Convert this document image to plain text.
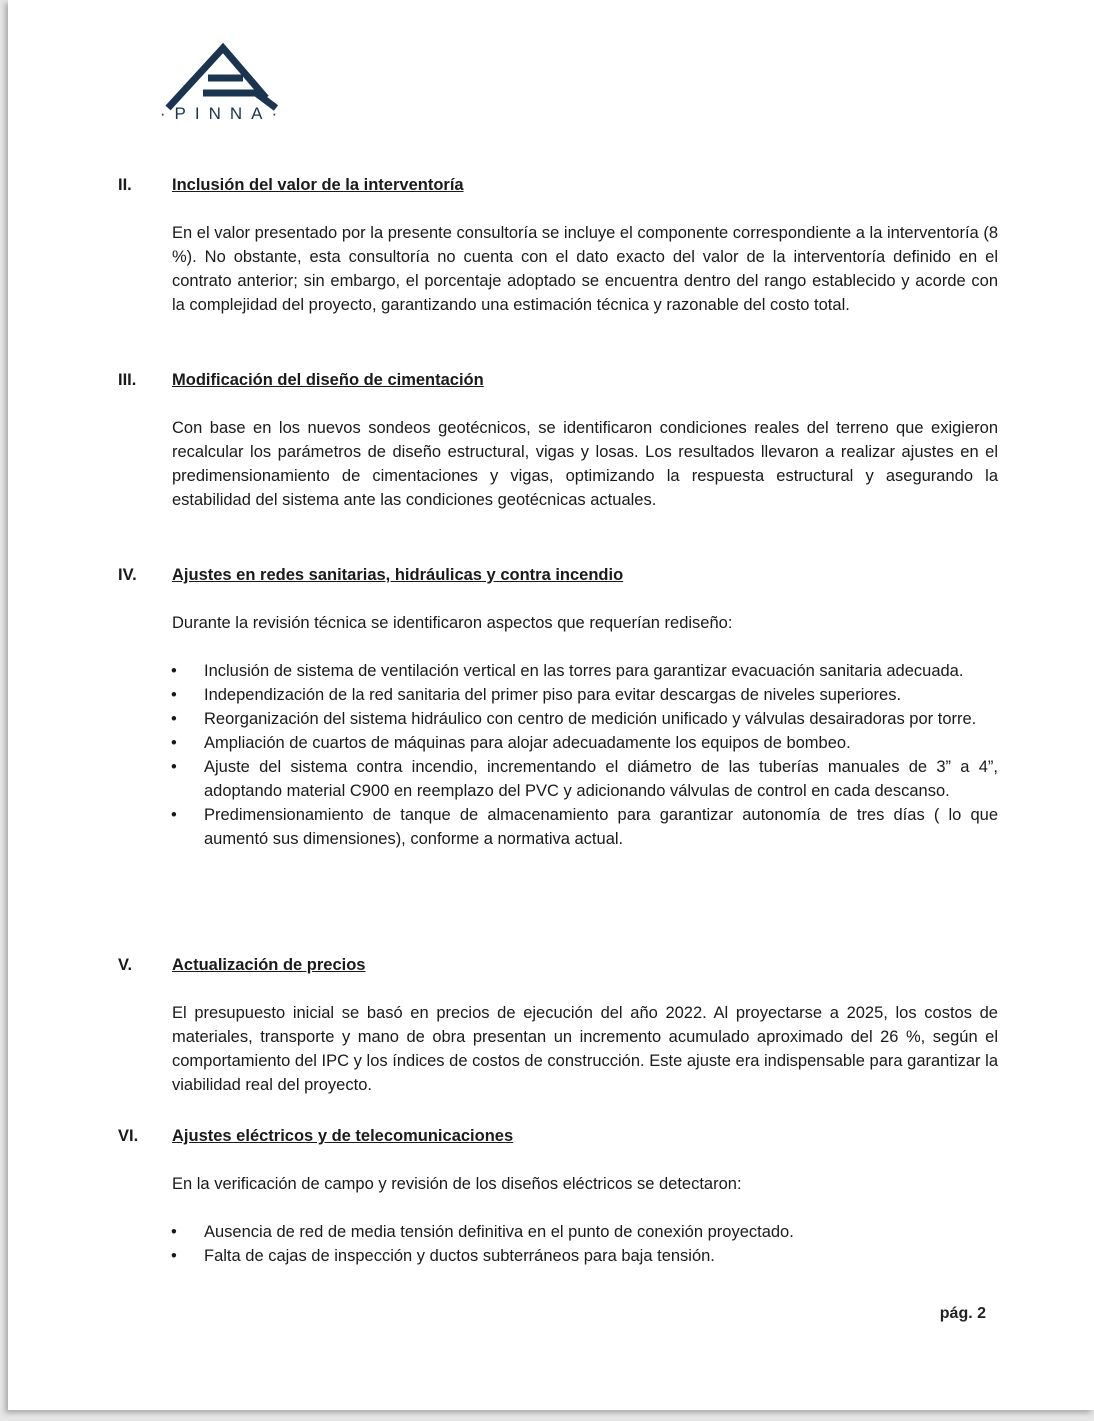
·PINNA·
II.	Inclusión del valor de la interventoría
En el valor presentado por la presente consultoría se incluye el componente correspondiente a la interventoría (8 %). No obstante, esta consultoría no cuenta con el dato exacto del valor de la interventoría definido en el contrato anterior; sin embargo, el porcentaje adoptado se encuentra dentro del rango establecido y acorde con la complejidad del proyecto, garantizando una estimación técnica y razonable del costo total.
III.	Modificación del diseño de cimentación
Con base en los nuevos sondeos geotécnicos, se identificaron condiciones reales del terreno que exigieron recalcular los parámetros de diseño estructural, vigas y losas. Los resultados llevaron a realizar ajustes en el predimensionamiento de cimentaciones y vigas, optimizando la respuesta estructural y asegurando la estabilidad del sistema ante las condiciones geotécnicas actuales.
IV.	Ajustes en redes sanitarias, hidráulicas y contra incendio
Durante la revisión técnica se identificaron aspectos que requerían rediseño:
• Inclusión de sistema de ventilación vertical en las torres para garantizar evacuación sanitaria adecuada.
• Independización de la red sanitaria del primer piso para evitar descargas de niveles superiores.
• Reorganización del sistema hidráulico con centro de medición unificado y válvulas desairadoras por torre.
• Ampliación de cuartos de máquinas para alojar adecuadamente los equipos de bombeo.
• Ajuste del sistema contra incendio, incrementando el diámetro de las tuberías manuales de 3” a 4”, adoptando material C900 en reemplazo del PVC y adicionando válvulas de control en cada descanso.
• Predimensionamiento de tanque de almacenamiento para garantizar autonomía de tres días ( lo que aumentó sus dimensiones), conforme a normativa actual.
V.	Actualización de precios
El presupuesto inicial se basó en precios de ejecución del año 2022. Al proyectarse a 2025, los costos de materiales, transporte y mano de obra presentan un incremento acumulado aproximado del 26 %, según el comportamiento del IPC y los índices de costos de construcción. Este ajuste era indispensable para garantizar la viabilidad real del proyecto.
VI.	Ajustes eléctricos y de telecomunicaciones
En la verificación de campo y revisión de los diseños eléctricos se detectaron:
• Ausencia de red de media tensión definitiva en el punto de conexión proyectado.
• Falta de cajas de inspección y ductos subterráneos para baja tensión.
pág. 2
